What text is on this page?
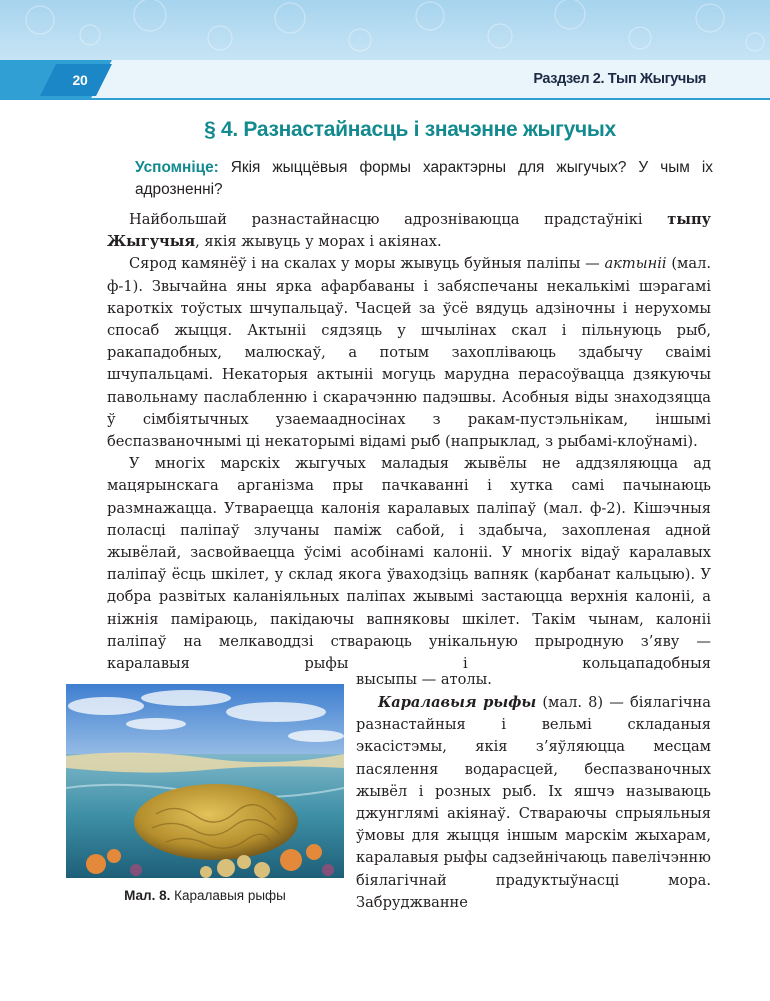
20	Раздзел 2. Тып Жыгучыя
§ 4. Разнастайнасць і значэнне жыгучых
Успомніце: Якія жыццёвыя формы характэрны для жыгучых? У чым іх адрозненні?

Найбольшай разнастайнасцю адрозніваюцца прадстаўнікі тыпу Жыгучыя, якія жывуць у морах і акіянах.

Сярод камянёў і на скалах у моры жывуць буйныя паліпы — актыніі (мал. ф-1). Звычайна яны ярка афарбаваны і забяспечаны некалькімі шэрагамі кароткіх тоўстых шчупальцаў. Часцей за ўсё вядуць адзіночны і нерухомы спосаб жыцця. Актыніі сядзяць у шчылінах скал і пільнуюць рыб, ракападобных, малюскаў, а потым захопліваюць здабычу сваімі шчупальцамі. Некаторыя актыніі могуць марудна перасоўвацца дзякуючы павольнаму паслабленню і скарачэнню падэшвы. Асобныя віды знаходзяцца ў сімбіятычных узаемаадносінах з ракам-пустэльнікам, іншымі беспазваночнымі ці некаторымі відамі рыб (напрыклад, з рыбамі-клоўнамі).

У многіх марскіх жыгучых маладыя жывёлы не аддзяляюцца ад мацярынскага арганізма пры пачкаванні і хутка самі пачынаюць размнажацца. Утвараецца калонія каралавых паліпаў (мал. ф-2). Кішэчныя поласці паліпаў злучаны паміж сабой, і здабыча, захопленая адной жывёлай, засвойваецца ўсімі асобінамі калоніі. У многіх відаў каралавых паліпаў ёсць шкілет, у склад якога ўваходзіць вапняк (карбанат кальцыю). У добра развітых каланіяльных паліпах жывымі застаюцца верхнія калоніі, а ніжнія паміраюць, пакідаючы вапняковы шкілет. Такім чынам, калоніі паліпаў на мелкаводдзі ствараюць унікальную прыродную з’яву — каралавыя рыфы і кольцападобныя

высыпы — атолы.

Каралавыя рыфы (мал. 8) — біялагічна разнастайныя і вельмі складаныя экасістэмы, якія з’яўляюцца месцам пасялення водарасцей, беспазваночных жывёл і розных рыб. Іх яшчэ называюць джунглямі акіянаў. Ствараючы спрыяльныя ўмовы для жыцця іншым марскім жыхарам, каралавыя рыфы садзейнічаюць павелічэнню біялагічнай прадуктыўнасці мора. Забруджванне

Мал. 8. Каралавыя рыфы
